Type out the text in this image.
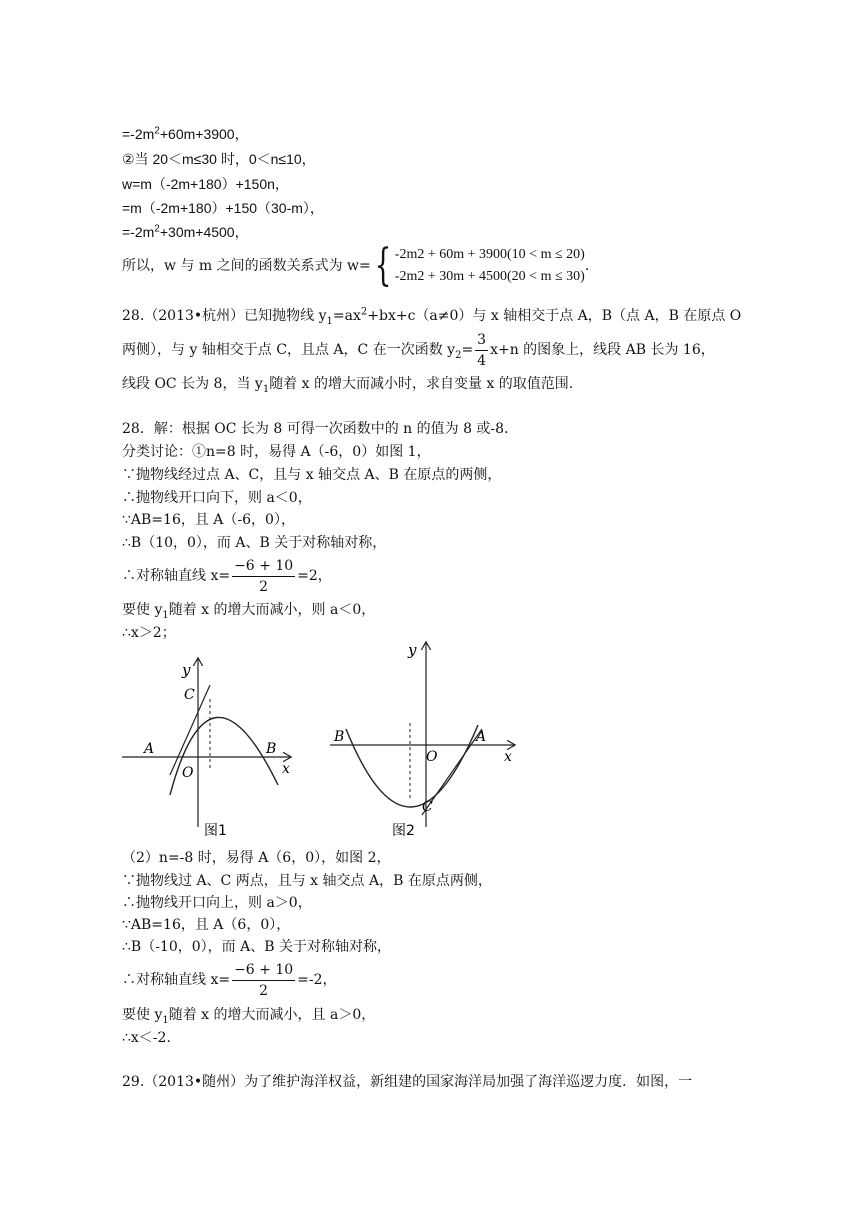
$=-2m^2+60m+3900$，
②当 20＜m≤30 时，0＜n≤10，
w=m（-2m+180）+150n，
=m（-2m+180）+150（30-m），
$=-2m^2+30m+4500$，
所以，w 与 m 之间的函数关系式为 w={ -2m2 + 60m + 3900(10 < m ≤ 20)
-2m2 + 30m + 4500(20 < m ≤ 30)
.
28.（2013•杭州）已知抛物线 $y_1=ax^2+bx+c(a\ne 0)$与 x 轴相交于点 A，B（点 A，B 在原点 O
两侧），与 y 轴相交于点 C，且点 A，C 在一次函数 $y_2= \frac{3}{4} x+n$ 的图象上，线段 AB 长为 16，
线段 OC 长为 8，当 $y_1$随着 x 的增大而减小时，求自变量 x 的取值范围.
28．解：根据 OC 长为 8 可得一次函数中的 n 的值为 8 或-8．
分类讨论：①n=8 时，易得 A（-6，0）如图 1，
∵抛物线经过点 A、C，且与 x 轴交点 A、B 在原点的两侧，
∴抛物线开口向下，则 a＜0，
∵AB=16，且 A（-6，0），
∴B（10，0），而 A、B 关于对称轴对称，
∴对称轴直线 $x= \frac{-6 + 10}{2} =2$，
要使 $y_1$随着 x 的增大而减小，则 a＜0，
∴x＞2；
y
x
C
A	B
O
图1
y
x
C
A
B
O
图2
（2）n=-8 时，易得 A（6，0），如图 2，
∵抛物线过 A、C 两点，且与 x 轴交点 A，B 在原点两侧，
∴抛物线开口向上，则 a＞0，
∵AB=16，且 A（6，0），
∴B（-10，0），而 A、B 关于对称轴对称，
∴对称轴直线 $x= \frac{-6 + 10}{2} =-2$，
要使 $y_1$随着 x 的增大而减小，且 a＞0，
∴x＜-2.
29.（2013•随州）为了维护海洋权益，新组建的国家海洋局加强了海洋巡逻力度．如图，一
